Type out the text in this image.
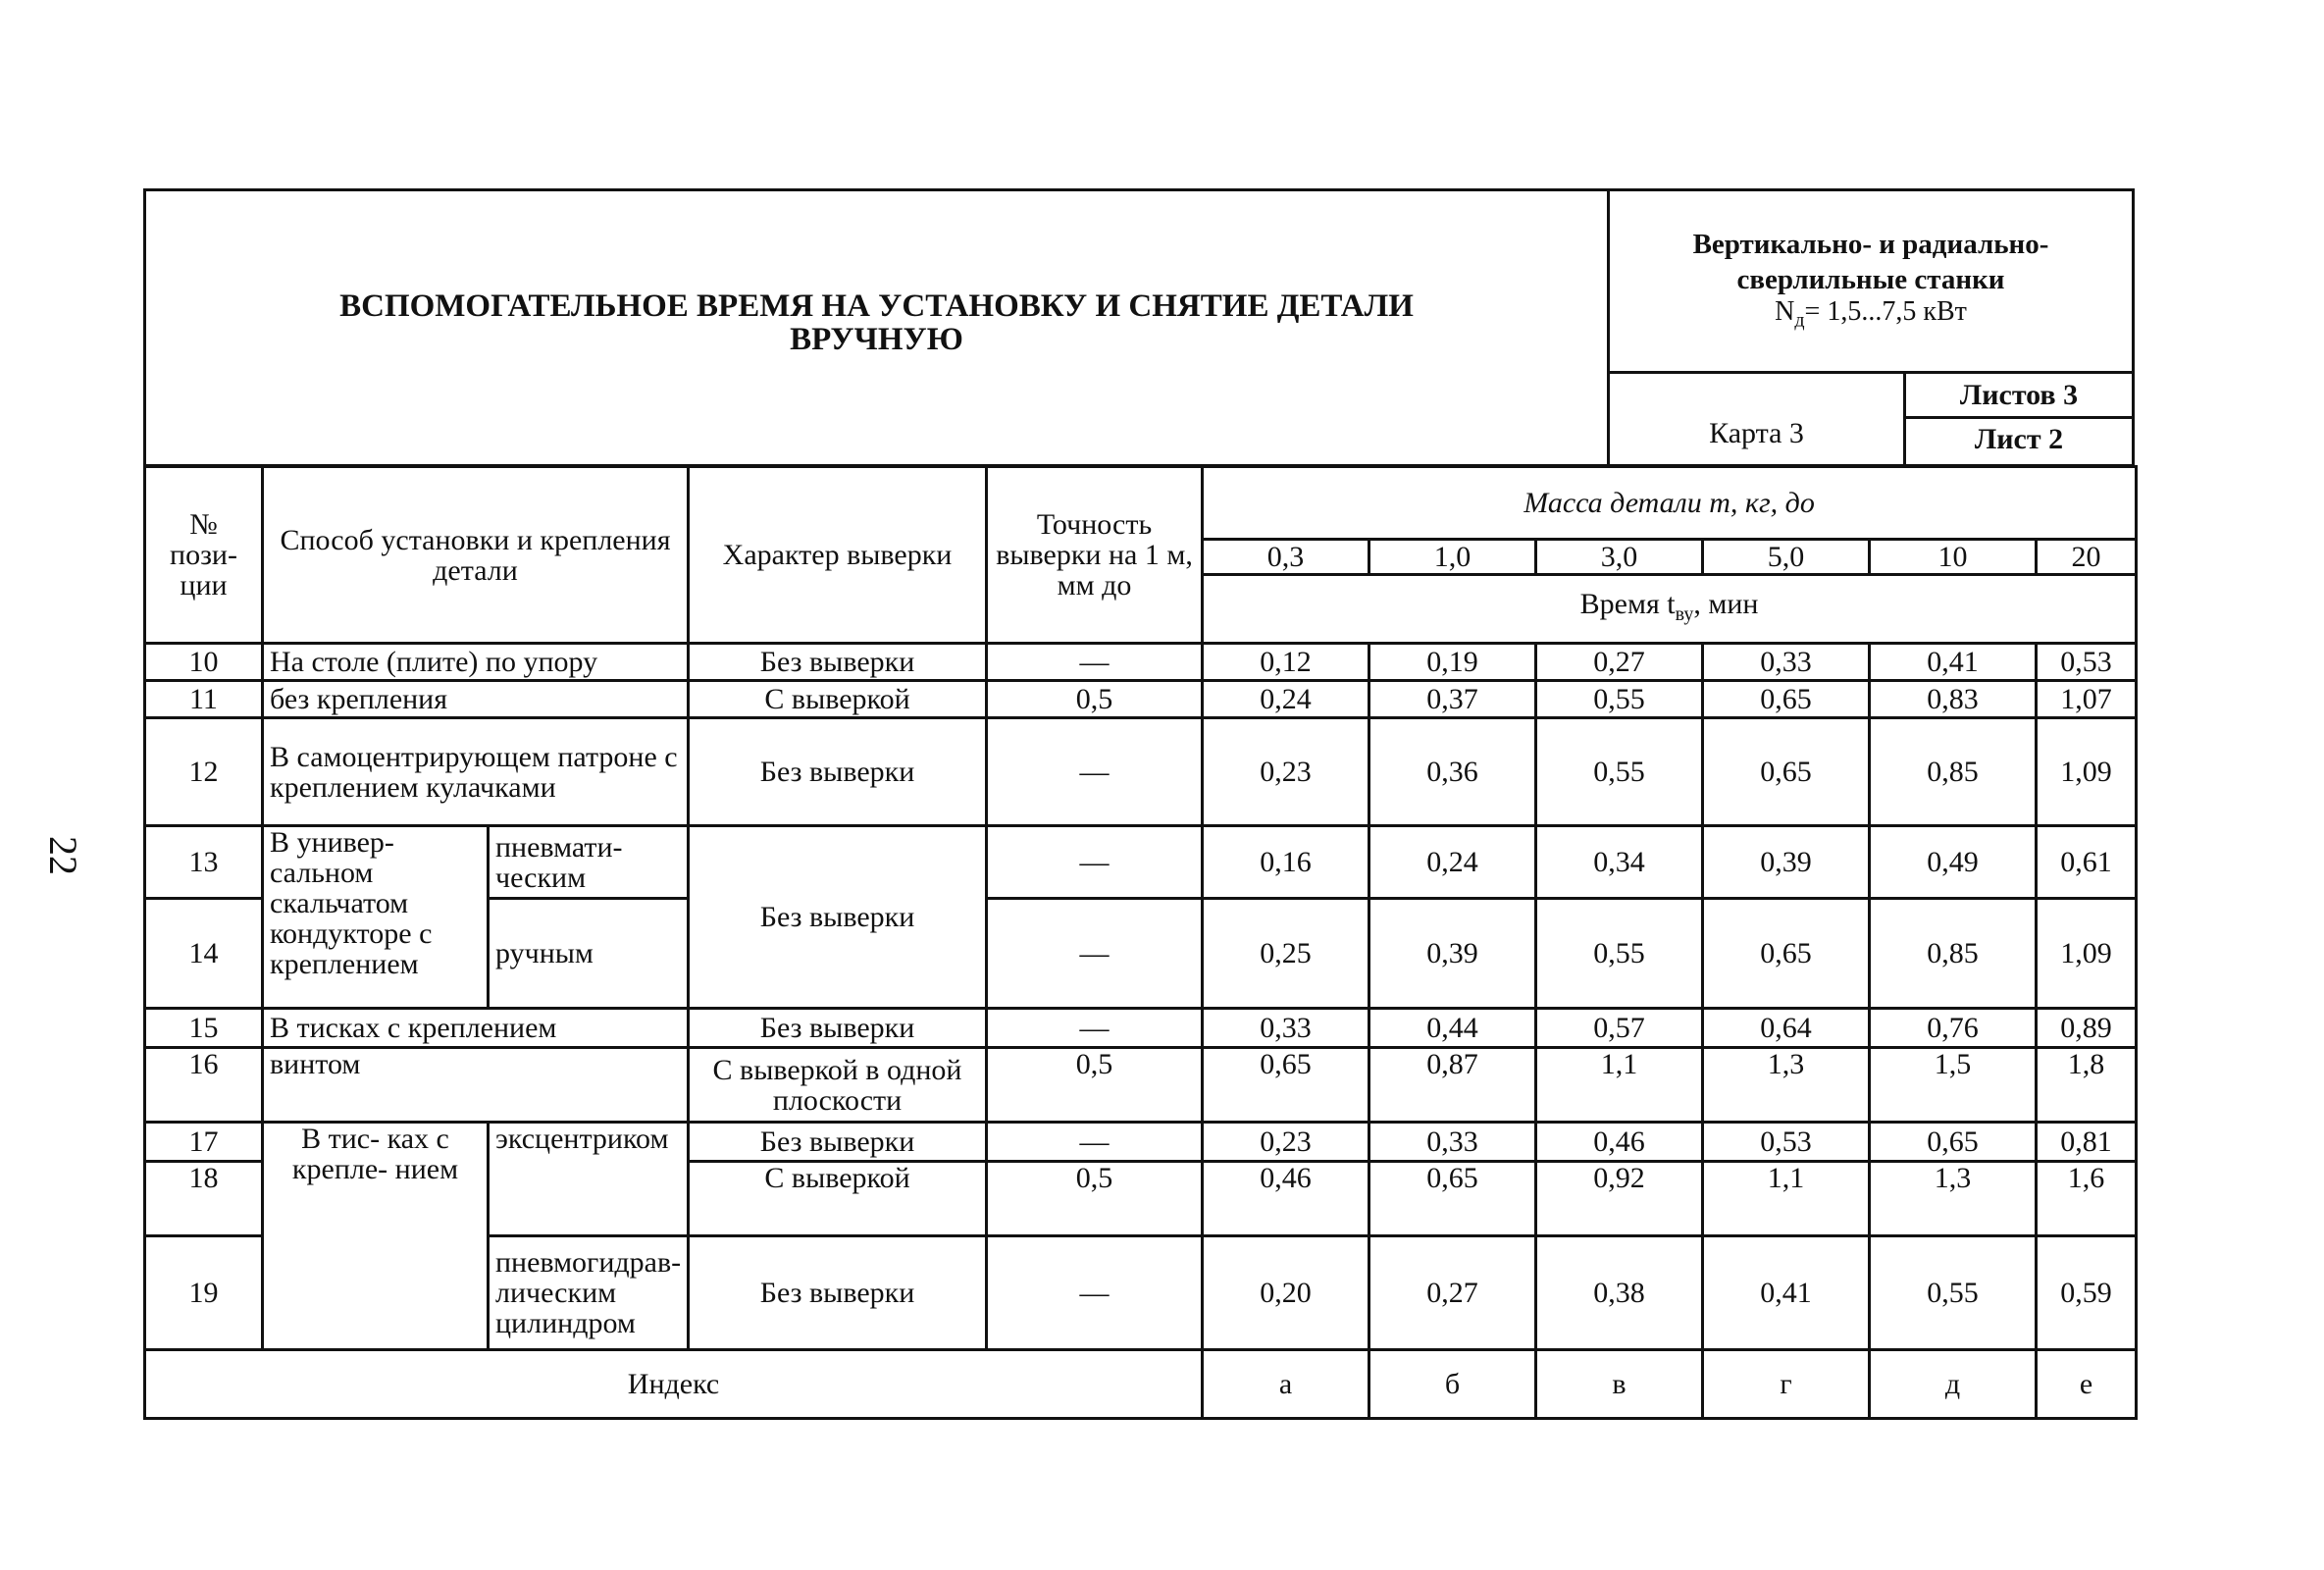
22
ВСПОМОГАТЕЛЬНОЕ ВРЕМЯ НА УСТАНОВКУ И СНЯТИЕ ДЕТАЛИ
ВРУЧНУЮ
Вертикально- и радиально-
сверлильные станки
$N_д= 1,5...7,5$ кВт
Карта 3
Листов 3
Лист 2
№ пози- ции	Способ установки и крепления детали		Характер выверки	Точность выверки на 1 м, мм до	Масса детали m, кг, до					
					0,3	1,0	3,0	5,0	10	20
					Время $t_{ву}$, мин					
10	На столе (плите) по упору		Без выверки	—	0,12	0,19	0,27	0,33	0,41	0,53
11	без крепления		С выверкой	0,5	0,24	0,37	0,55	0,65	0,83	1,07
12	В самоцентрирующем патроне с креплением кулачками		Без выверки	—	0,23	0,36	0,55	0,65	0,85	1,09
13	В универ- сальном скальчатом кондукторе с креплением	пневмати- ческим	Без выверки	—	0,16	0,24	0,34	0,39	0,49	0,61
14		ручным		—	0,25	0,39	0,55	0,65	0,85	1,09
15	В тисках с креплением		Без выверки	—	0,33	0,44	0,57	0,64	0,76	0,89
16	винтом		С выверкой в одной плоскости	0,5	0,65	0,87	1,1	1,3	1,5	1,8
17	В тис- ках с крепле- нием	эксцентриком	Без выверки	—	0,23	0,33	0,46	0,53	0,65	0,81
18			С выверкой	0,5	0,46	0,65	0,92	1,1	1,3	1,6
19		пневмогидрав- лическим цилиндром	Без выверки	—	0,20	0,27	0,38	0,41	0,55	0,59
Индекс					а	б	в	г	д	е
